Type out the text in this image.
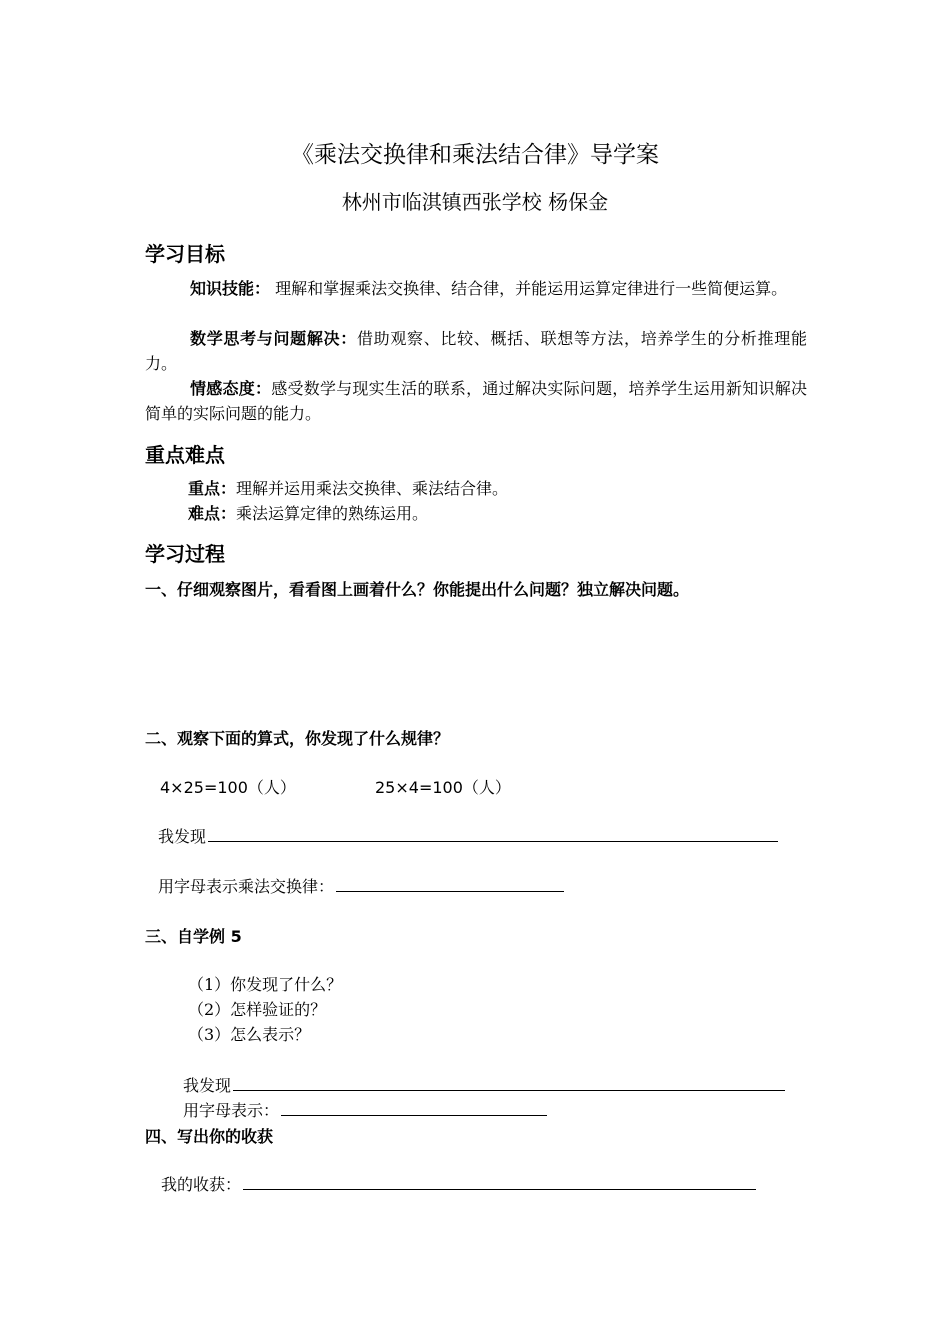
《乘法交换律和乘法结合律》导学案
林州市临淇镇西张学校 杨保金
学习目标
知识技能： 理解和掌握乘法交换律、结合律，并能运用运算定律进行一些简便运算。
数学思考与问题解决：借助观察、比较、概括、联想等方法，培养学生的分析推理能力。
情感态度：感受数学与现实生活的联系，通过解决实际问题，培养学生运用新知识解决简单的实际问题的能力。
重点难点
重点：理解并运用乘法交换律、乘法结合律。
难点：乘法运算定律的熟练运用。
学习过程
一、仔细观察图片，看看图上画着什么？你能提出什么问题？独立解决问题。
二、观察下面的算式，你发现了什么规律？
4×25=100（人）	25×4=100（人）
我发现
用字母表示乘法交换律：
三、自学例 5
（1）你发现了什么？
（2）怎样验证的？
（3）怎么表示？
我发现
用字母表示：
四、写出你的收获
我的收获：
